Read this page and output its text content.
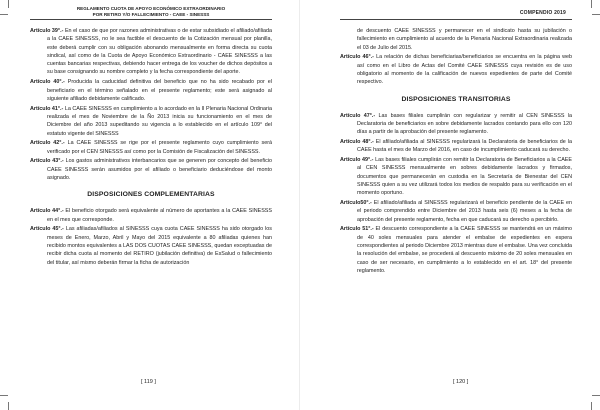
REGLAMENTO CUOTA DE APOYO ECONÓMICO EXTRAORDINARIO
POR RETIRO Y/O FALLECIMIENTO - CAEE - SINESSS

Artículo 39°.- En el caso de que por razones administrativas o de estar subsidiado el afiliado/afiliada a la CAEE SINESSS, no le sea factible el descuento de la Cotización mensual por planilla, este deberá cumplir con su obligación abonando mensualmente en forma directa su cuota sindical, así como de la Cuota de Apoyo Económico Extraordinario - CAEE SINESSS a las cuentas bancarias respectivas, debiendo hacer entrega de los voucher de dichos depósitos a su base consignando su nombre completo y la fecha correspondiente del aporte.

Artículo 40°.- Producida la caducidad definitiva del beneficio que no ha sido recabado por el beneficiario en el término señalado en el presente reglamento; este será asignado al siguiente afiliado debidamente calificado.

Artículo 41°.- La CAEE SINESSS en cumplimiento a lo acordado en la II Plenaria Nacional Ordinaria realizada el mes de Noviembre de la Ño 2013 inicia su funcionamiento en el mes de Diciembre del año 2013 supeditando su vigencia a lo establecido en el artículo 109° del estatuto vigente del SINESSS

Artículo 42°.- La CAEE SINESSS se rige por el presente reglamento cuyo cumplimiento será verificado por el CEN SINESSS así como por la Comisión de Fiscalización del SINESSS.

Artículo 43°.- Los gastos administrativos interbancarios que se generen por concepto del beneficio CAEE SINESSS serán asumidos por el afiliado o beneficiario deduciéndose del monto asignado.

DISPOSICIONES COMPLEMENTARIAS

Artículo 44°.- El beneficio otorgado será equivalente al número de aportantes a la CAEE SINESSS en el mes que corresponde.

Artículo 45°.- Las afiliadas/afiliados al SINESSS cuya cuota CAEE SINESSS ha sido otorgado los meses de Enero, Marzo, Abril y Mayo del 2015 equivalente a 80 afiliadas quienes han recibido montos equivalentes a LAS DOS CUOTAS CAEE SINESSS, quedan exceptuadas de recibir dicha cuota al momento del RETIRO (jubilación definitiva) de EsSalud o fallecimiento del titular, así mismo deberán firmar la ficha de autorización

[ 119 ]
COMPENDIO 2019

de descuento CAEE SINESSS y permanecer en el sindicato hasta su jubilación o fallecimiento en cumplimiento al acuerdo de la Plenaria Nacional Extraordinaria realizada el 03 de Julio del 2015.

Artículo 46°.- La relación de dichas beneficiarias/beneficiarios se encuentra en la página web así como en el Libro de Actas del Comité CAEE SINESSS cuya revisión es de uso obligatorio al momento de la calificación de nuevos expedientes de parte del Comité respectivo.

DISPOSICIONES TRANSITORIAS

Artículo 47°.- Las bases filiales cumplirán con regularizar y remitir al CEN SINESSS la Declaratoria de beneficiarios en sobre debidamente lacrados contando para ello con 120 días a partir de la aprobación del presente reglamento.

Artículo 48°.- El afiliado/afiliada al SINESSS regularizará la Declaratoria de beneficiarios de la CAEE hasta el mes de Marzo del 2016, en caso de incumplimiento caducará su derecho.

Artículo 49°.- Las bases filiales cumplirán con remitir la Declaratoria de Beneficiarios a la CAEE al CEN SINESSS mensualmente en sobres debidamente lacrados y firmados, documentos que permanecerán en custodia en la Secretaría de Bienestar del CEN SINESSS quien a su vez utilizará todos los medios de respaldo para su verificación en el momento oportuno.

Artículo50°.- El afiliado/afiliada al SINESSS regularizará el beneficio pendiente de la CAEE en el periodo comprendido entre Diciembre del 2013 hasta seis (6) meses a la fecha de aprobación del presente reglamento, fecha en que caducará su derecho a percibirlo.

Artículo 51°.- El descuento correspondiente a la CAEE SINESSS se mantendrá en un máximo de 40 soles mensuales para atender el embalse de expedientes en espera correspondientes al periodo Diciembre 2013 mientras dure el embalse. Una vez concluida la resolución del embalse, se procederá al descuento máximo de 20 soles mensuales en caso de ser necesario, en cumplimiento a lo establecido en el art. 18° del presente reglamento.

[ 120 ]
